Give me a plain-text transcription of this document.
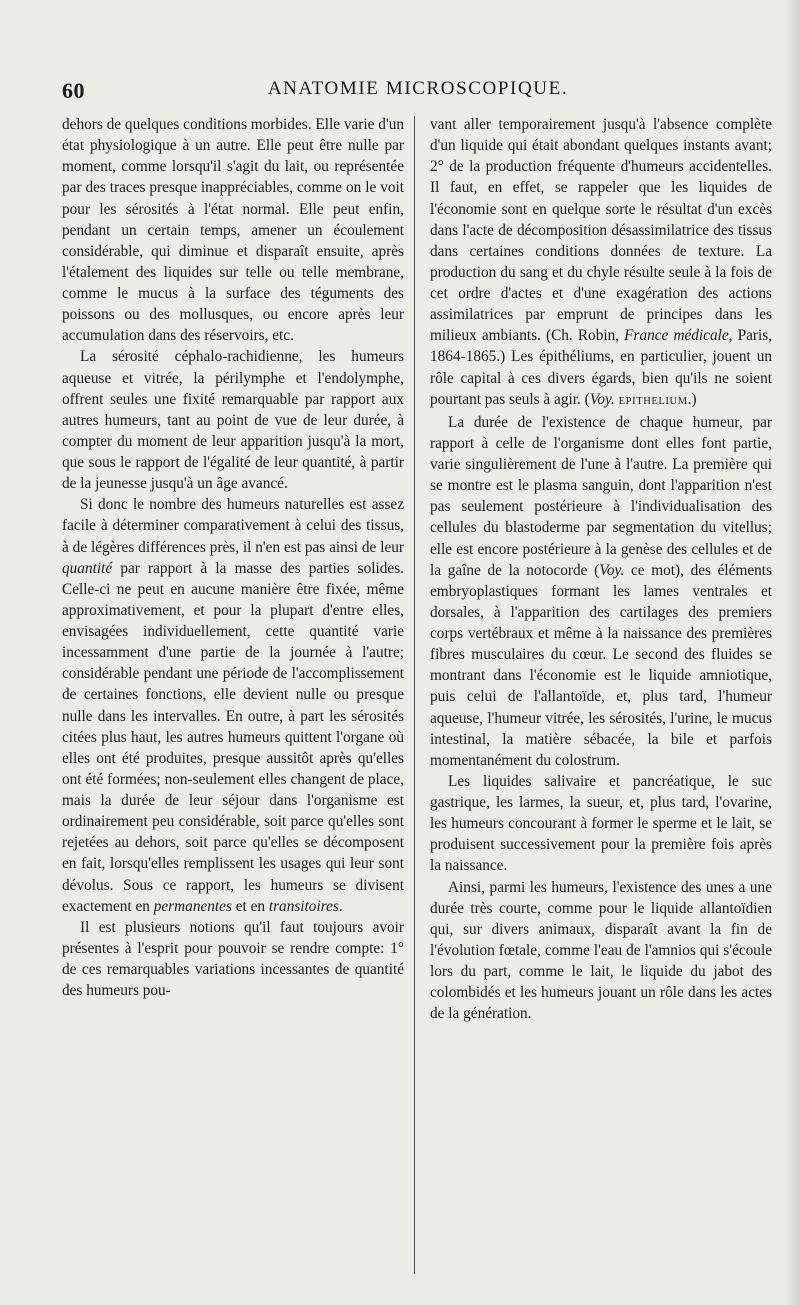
60	ANATOMIE MICROSCOPIQUE.

dehors de quelques conditions morbides. Elle varie d'un état physiologique à un autre. Elle peut être nulle par moment, comme lorsqu'il s'agit du lait, ou représentée par des traces presque inappréciables, comme on le voit pour les sérosités à l'état normal. Elle peut enfin, pendant un certain temps, amener un écoulement considérable, qui diminue et disparaît ensuite, après l'étalement des liquides sur telle ou telle membrane, comme le mucus à la surface des téguments des poissons ou des mollusques, ou encore après leur accumulation dans des réservoirs, etc.

La sérosité céphalo-rachidienne, les humeurs aqueuse et vitrée, la périlymphe et l'endolymphe, offrent seules une fixité remarquable par rapport aux autres humeurs, tant au point de vue de leur durée, à compter du moment de leur apparition jusqu'à la mort, que sous le rapport de l'égalité de leur quantité, à partir de la jeunesse jusqu'à un âge avancé.

Si donc le nombre des humeurs naturelles est assez facile à déterminer comparativement à celui des tissus, à de légères différences près, il n'en est pas ainsi de leur quantité par rapport à la masse des parties solides. Celle-ci ne peut en aucune manière être fixée, même approximativement, et pour la plupart d'entre elles, envisagées individuellement, cette quantité varie incessamment d'une partie de la journée à l'autre; considérable pendant une période de l'accomplissement de certaines fonctions, elle devient nulle ou presque nulle dans les intervalles. En outre, à part les sérosités citées plus haut, les autres humeurs quittent l'organe où elles ont été produites, presque aussitôt après qu'elles ont été formées; non-seulement elles changent de place, mais la durée de leur séjour dans l'organisme est ordinairement peu considérable, soit parce qu'elles sont rejetées au dehors, soit parce qu'elles se décomposent en fait, lorsqu'elles remplissent les usages qui leur sont dévolus. Sous ce rapport, les humeurs se divisent exactement en permanentes et en transitoires.

Il est plusieurs notions qu'il faut toujours avoir présentes à l'esprit pour pouvoir se rendre compte: 1° de ces remarquables variations incessantes de quantité des humeurs pou-

vant aller temporairement jusqu'à l'absence complète d'un liquide qui était abondant quelques instants avant; 2° de la production fréquente d'humeurs accidentelles. Il faut, en effet, se rappeler que les liquides de l'économie sont en quelque sorte le résultat d'un excès dans l'acte de décomposition désassimilatrice des tissus dans certaines conditions données de texture. La production du sang et du chyle résulte seule à la fois de cet ordre d'actes et d'une exagération des actions assimilatrices par emprunt de principes dans les milieux ambiants. (Ch. Robin, France médicale, Paris, 1864-1865.) Les épithéliums, en particulier, jouent un rôle capital à ces divers égards, bien qu'ils ne soient pourtant pas seuls à agir. (Voy. EPITHELIUM.)

La durée de l'existence de chaque humeur, par rapport à celle de l'organisme dont elles font partie, varie singulièrement de l'une à l'autre. La première qui se montre est le plasma sanguin, dont l'apparition n'est pas seulement postérieure à l'individualisation des cellules du blastoderme par segmentation du vitellus; elle est encore postérieure à la genèse des cellules et de la gaîne de la notocorde (Voy. ce mot), des éléments embryoplastiques formant les lames ventrales et dorsales, à l'apparition des cartilages des premiers corps vertébraux et même à la naissance des premières fibres musculaires du cœur. Le second des fluides se montrant dans l'économie est le liquide amniotique, puis celui de l'allantoïde, et, plus tard, l'humeur aqueuse, l'humeur vitrée, les sérosités, l'urine, le mucus intestinal, la matière sébacée, la bile et parfois momentanément du colostrum.

Les liquides salivaire et pancréatique, le suc gastrique, les larmes, la sueur, et, plus tard, l'ovarine, les humeurs concourant à former le sperme et le lait, se produisent successivement pour la première fois après la naissance.

Ainsi, parmi les humeurs, l'existence des unes a une durée très courte, comme pour le liquide allantoïdien qui, sur divers animaux, disparaît avant la fin de l'évolution fœtale, comme l'eau de l'amnios qui s'écoule lors du part, comme le lait, le liquide du jabot des colombidés et les humeurs jouant un rôle dans les actes de la génération.
